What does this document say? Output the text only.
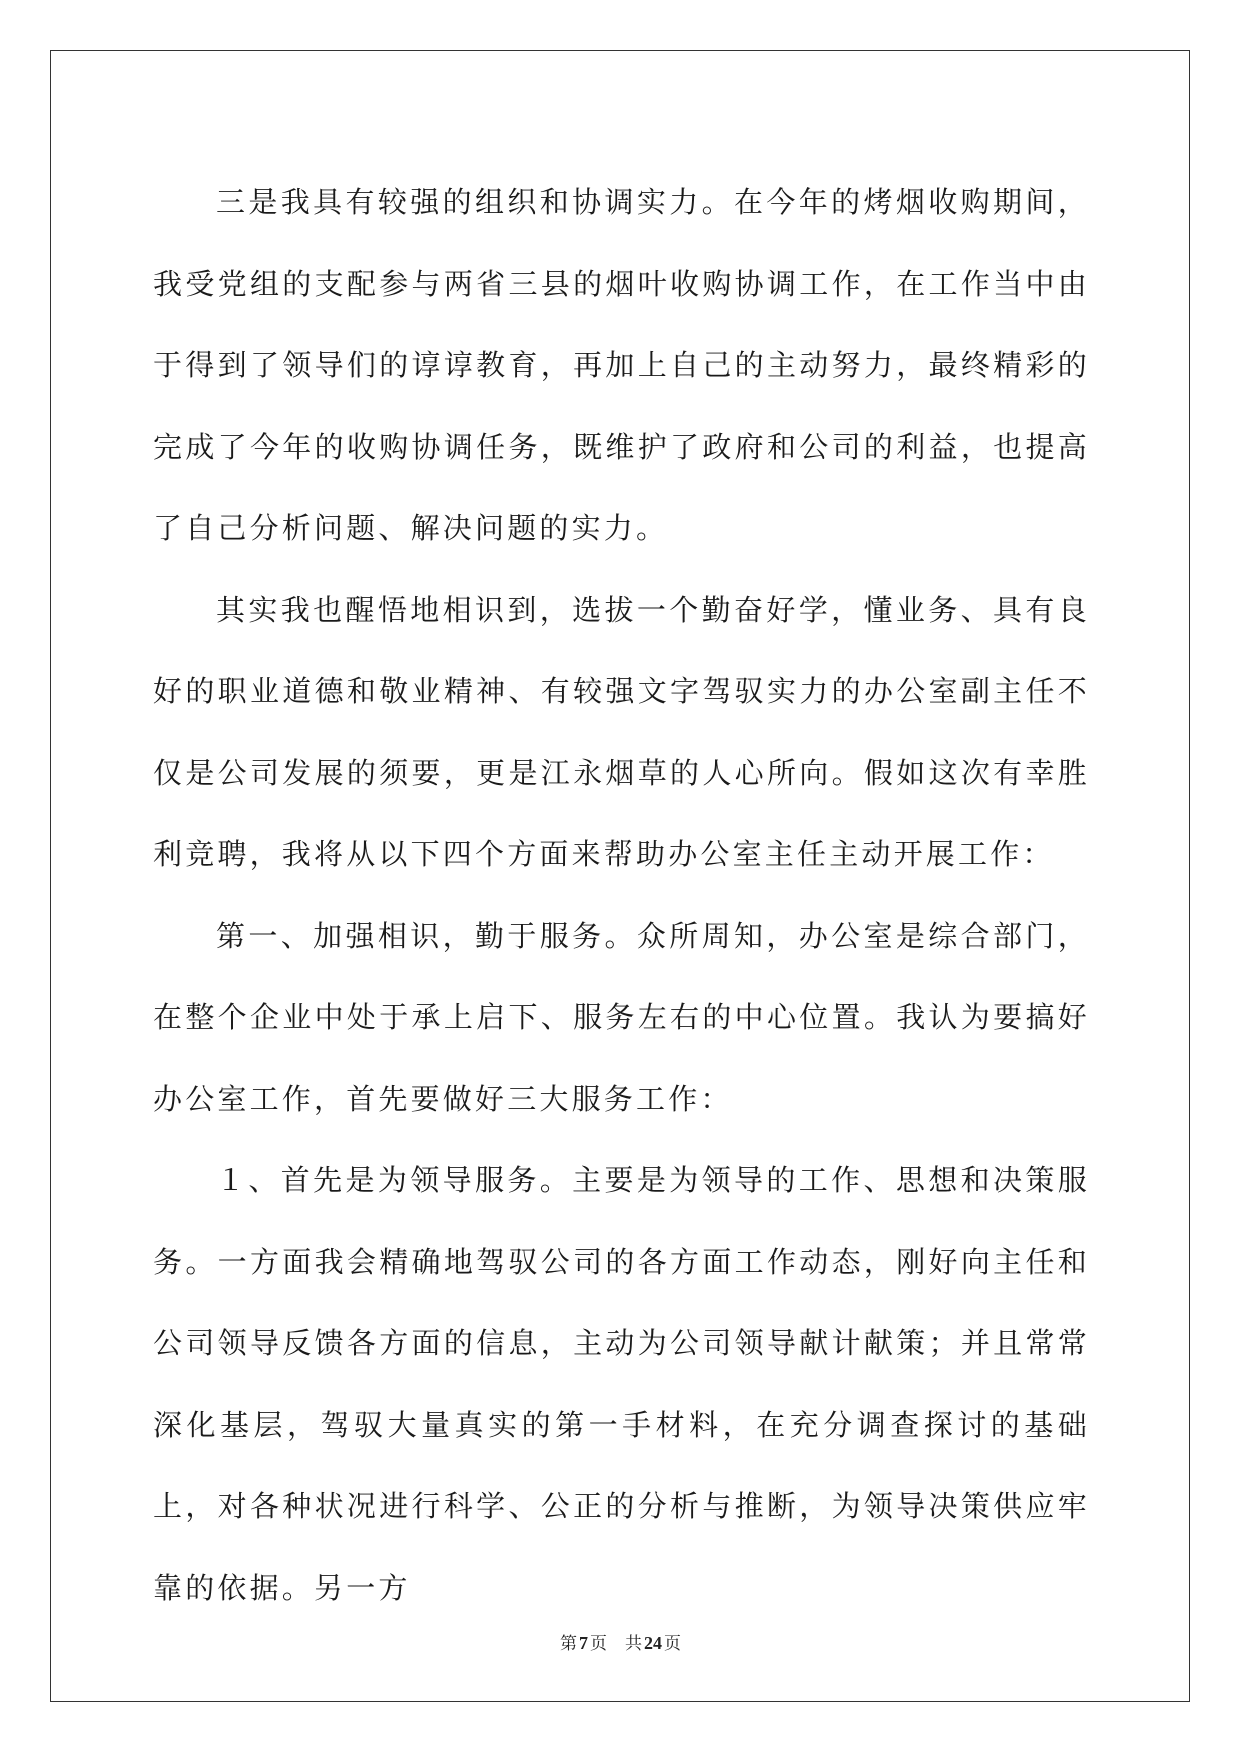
三是我具有较强的组织和协调实力。在今年的烤烟收购期间，我受党组的支配参与两省三县的烟叶收购协调工作，在工作当中由于得到了领导们的谆谆教育，再加上自己的主动努力，最终精彩的完成了今年的收购协调任务，既维护了政府和公司的利益，也提高了自己分析问题、解决问题的实力。

其实我也醒悟地相识到，选拔一个勤奋好学，懂业务、具有良好的职业道德和敬业精神、有较强文字驾驭实力的办公室副主任不仅是公司发展的须要，更是江永烟草的人心所向。假如这次有幸胜利竞聘，我将从以下四个方面来帮助办公室主任主动开展工作：

第一、加强相识，勤于服务。众所周知，办公室是综合部门，在整个企业中处于承上启下、服务左右的中心位置。我认为要搞好办公室工作，首先要做好三大服务工作：

１、首先是为领导服务。主要是为领导的工作、思想和决策服务。一方面我会精确地驾驭公司的各方面工作动态，刚好向主任和公司领导反馈各方面的信息，主动为公司领导献计献策；并且常常深化基层，驾驭大量真实的第一手材料，在充分调查探讨的基础上，对各种状况进行科学、公正的分析与推断，为领导决策供应牢靠的依据。另一方

第 7 页 共 24 页
